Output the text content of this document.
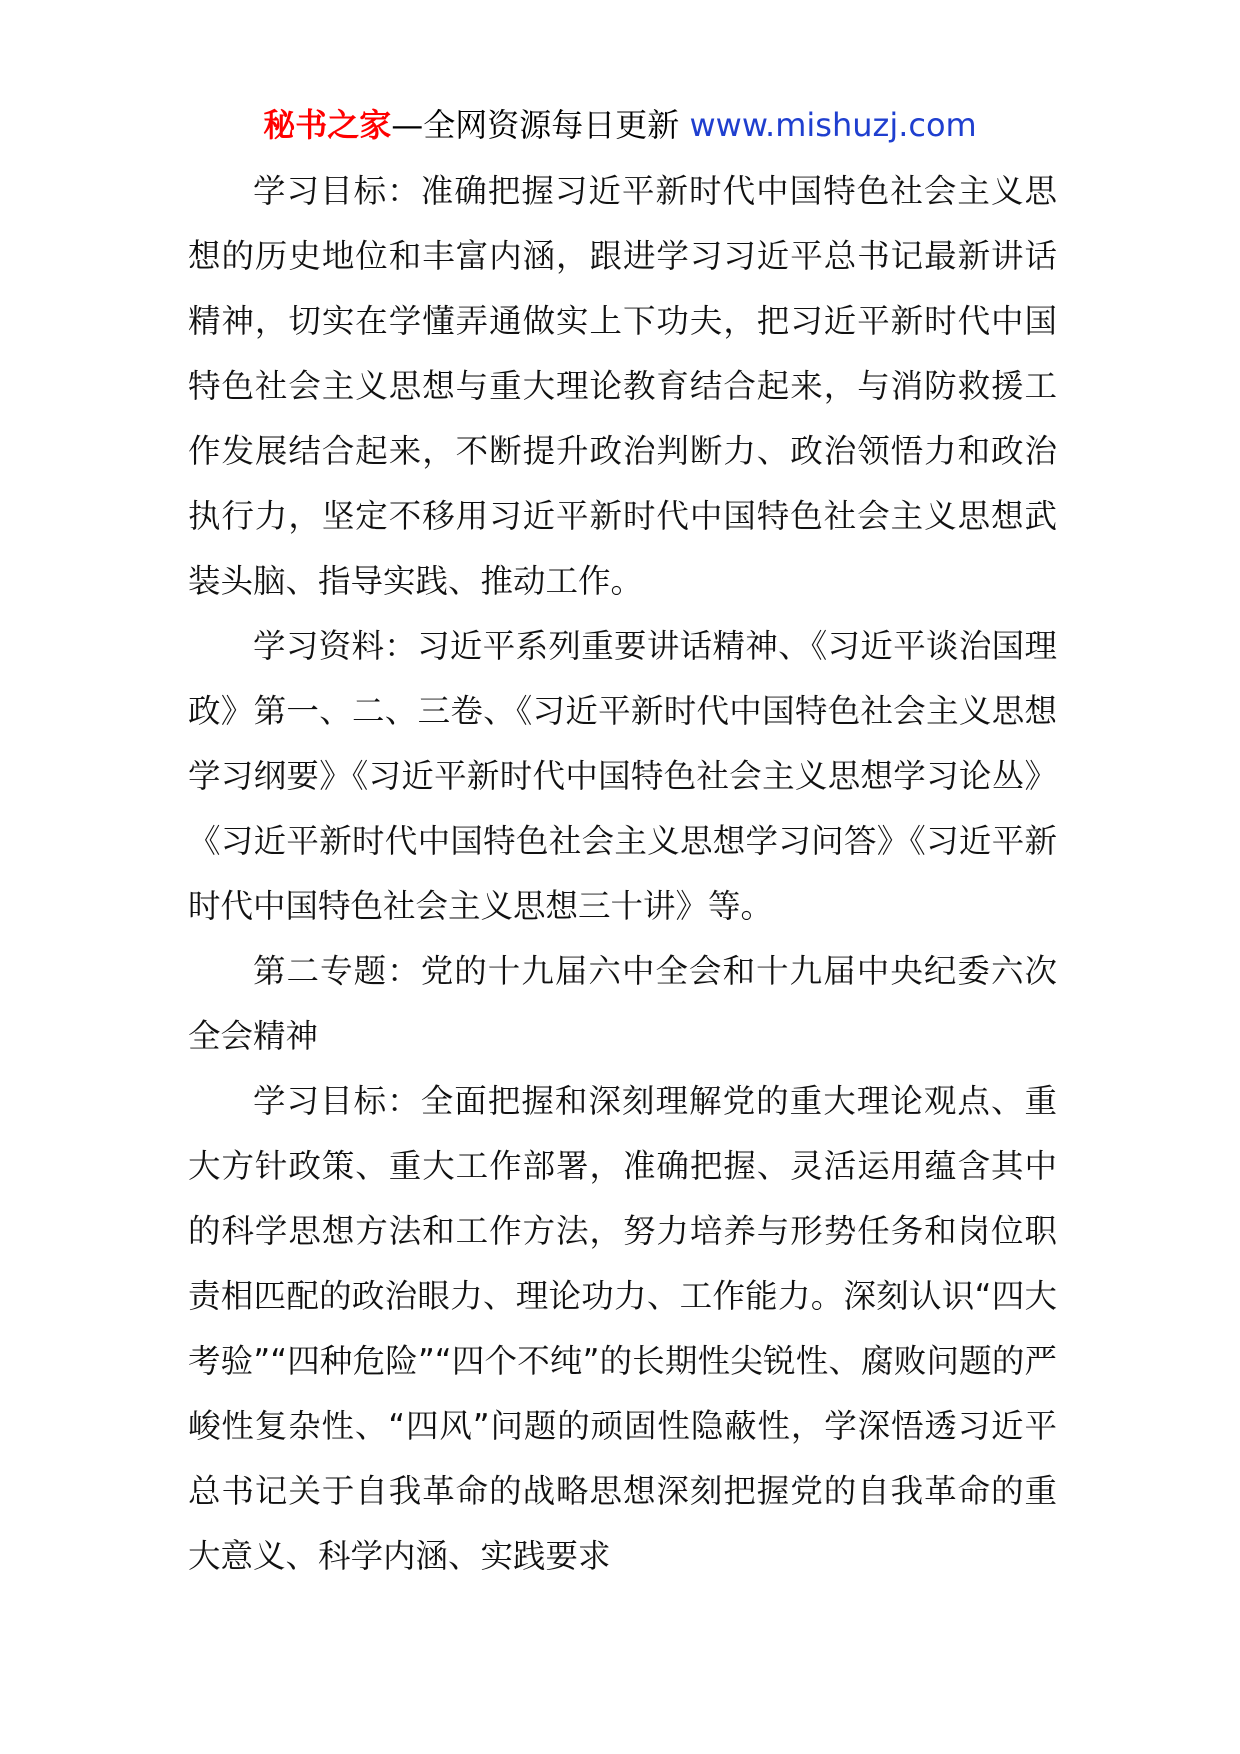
秘书之家—全网资源每日更新 www.mishuzj.com

学习目标：准确把握习近平新时代中国特色社会主义思想的历史地位和丰富内涵，跟进学习习近平总书记最新讲话精神，切实在学懂弄通做实上下功夫，把习近平新时代中国特色社会主义思想与重大理论教育结合起来，与消防救援工作发展结合起来，不断提升政治判断力、政治领悟力和政治执行力，坚定不移用习近平新时代中国特色社会主义思想武装头脑、指导实践、推动工作。

学习资料：习近平系列重要讲话精神、《习近平谈治国理政》第一、二、三卷、《习近平新时代中国特色社会主义思想学习纲要》《习近平新时代中国特色社会主义思想学习论丛》《习近平新时代中国特色社会主义思想学习问答》《习近平新时代中国特色社会主义思想三十讲》等。

第二专题：党的十九届六中全会和十九届中央纪委六次全会精神

学习目标：全面把握和深刻理解党的重大理论观点、重大方针政策、重大工作部署，准确把握、灵活运用蕴含其中的科学思想方法和工作方法，努力培养与形势任务和岗位职责相匹配的政治眼力、理论功力、工作能力。深刻认识“四大考验”“四种危险”“四个不纯”的长期性尖锐性、腐败问题的严峻性复杂性、“四风”问题的顽固性隐蔽性，学深悟透习近平总书记关于自我革命的战略思想深刻把握党的自我革命的重大意义、科学内涵、实践要求
